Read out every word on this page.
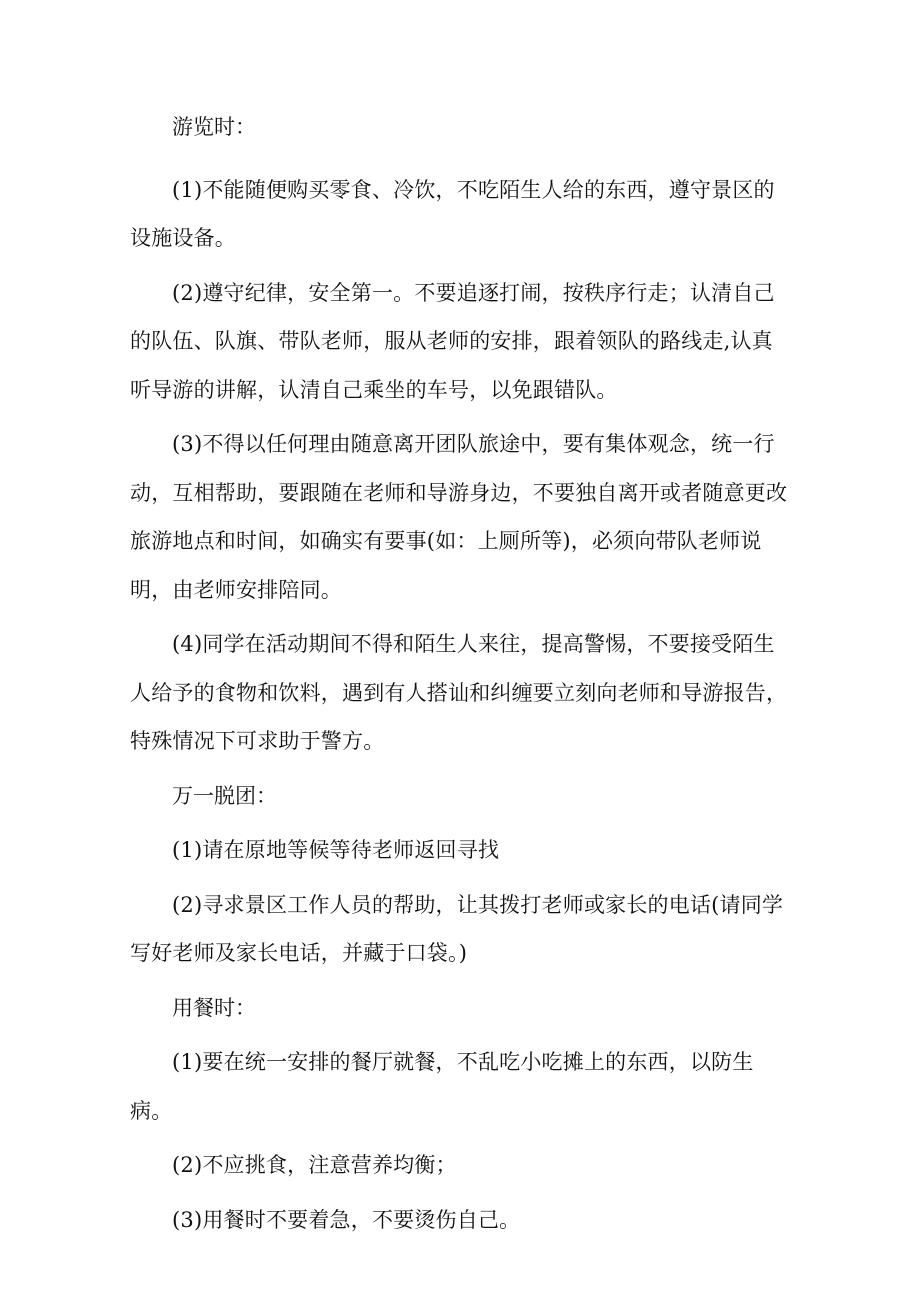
游览时：

(1)不能随便购买零食、冷饮，不吃陌生人给的东西，遵守景区的设施设备。

(2)遵守纪律，安全第一。不要追逐打闹，按秩序行走；认清自己的队伍、队旗、带队老师，服从老师的安排，跟着领队的路线走,认真听导游的讲解，认清自己乘坐的车号，以免跟错队。

(3)不得以任何理由随意离开团队旅途中，要有集体观念，统一行动，互相帮助，要跟随在老师和导游身边，不要独自离开或者随意更改旅游地点和时间，如确实有要事(如：上厕所等)，必须向带队老师说明，由老师安排陪同。

(4)同学在活动期间不得和陌生人来往，提高警惕，不要接受陌生人给予的食物和饮料，遇到有人搭讪和纠缠要立刻向老师和导游报告，特殊情况下可求助于警方。

万一脱团：

(1)请在原地等候等待老师返回寻找

(2)寻求景区工作人员的帮助，让其拨打老师或家长的电话(请同学写好老师及家长电话，并藏于口袋。)

用餐时：

(1)要在统一安排的餐厅就餐，不乱吃小吃摊上的东西，以防生病。

(2)不应挑食，注意营养均衡；

(3)用餐时不要着急，不要烫伤自己。
